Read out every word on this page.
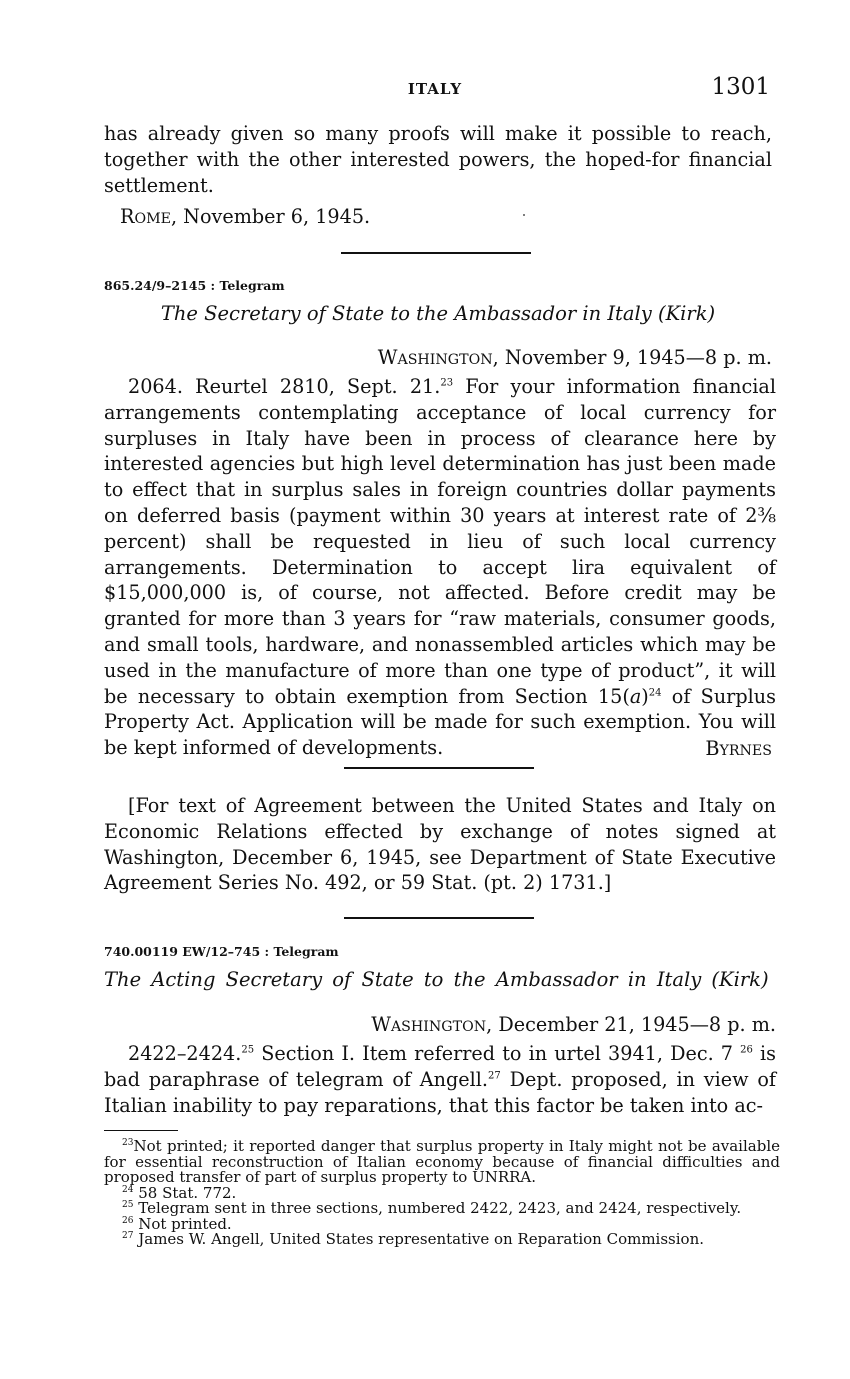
ITALY	1301

has already given so many proofs will make it possible to reach, together with the other interested powers, the hoped-for financial settlement.

ROME, November 6, 1945.
865.24/9–2145 : Telegram
The Secretary of State to the Ambassador in Italy (Kirk)
WASHINGTON, November 9, 1945—8 p. m.

2064. Reurtel 2810, Sept. 21.23 For your information financial arrangements contemplating acceptance of local currency for surpluses in Italy have been in process of clearance here by interested agencies but high level determination has just been made to effect that in surplus sales in foreign countries dollar payments on deferred basis (payment within 30 years at interest rate of 2⅜ percent) shall be requested in lieu of such local currency arrangements. Determination to accept lira equivalent of $15,000,000 is, of course, not affected. Before credit may be granted for more than 3 years for “raw materials, consumer goods, and small tools, hardware, and nonassembled articles which may be used in the manufacture of more than one type of product”, it will be necessary to obtain exemption from Section $15(a)^{24}$ of Surplus Property Act. Application will be made for such exemption. You will be kept informed of developments.	BYRNES

[For text of Agreement between the United States and Italy on Economic Relations effected by exchange of notes signed at Washington, December 6, 1945, see Department of State Executive Agreement Series No. 492, or 59 Stat. (pt. 2) 1731.]

740.00119 EW/12–745 : Telegram
The Acting Secretary of State to the Ambassador in Italy (Kirk)
WASHINGTON, December 21, 1945—8 p. m.

2422–2424.25 Section I. Item referred to in urtel 3941, Dec. 7 $^{26}$ is bad paraphrase of telegram of Angell.$^{27}$ Dept. proposed, in view of Italian inability to pay reparations, that this factor be taken into ac-

$^{23}$Not printed; it reported danger that surplus property in Italy might not be available for essential reconstruction of Italian economy because of financial difficulties and proposed transfer of part of surplus property to UNRRA.

$^{24}$ 58 Stat. 772.

$^{25}$ Telegram sent in three sections, numbered 2422, 2423, and 2424, respectively.

$^{26}$ Not printed.

$^{27}$ James W. Angell, United States representative on Reparation Commission.
